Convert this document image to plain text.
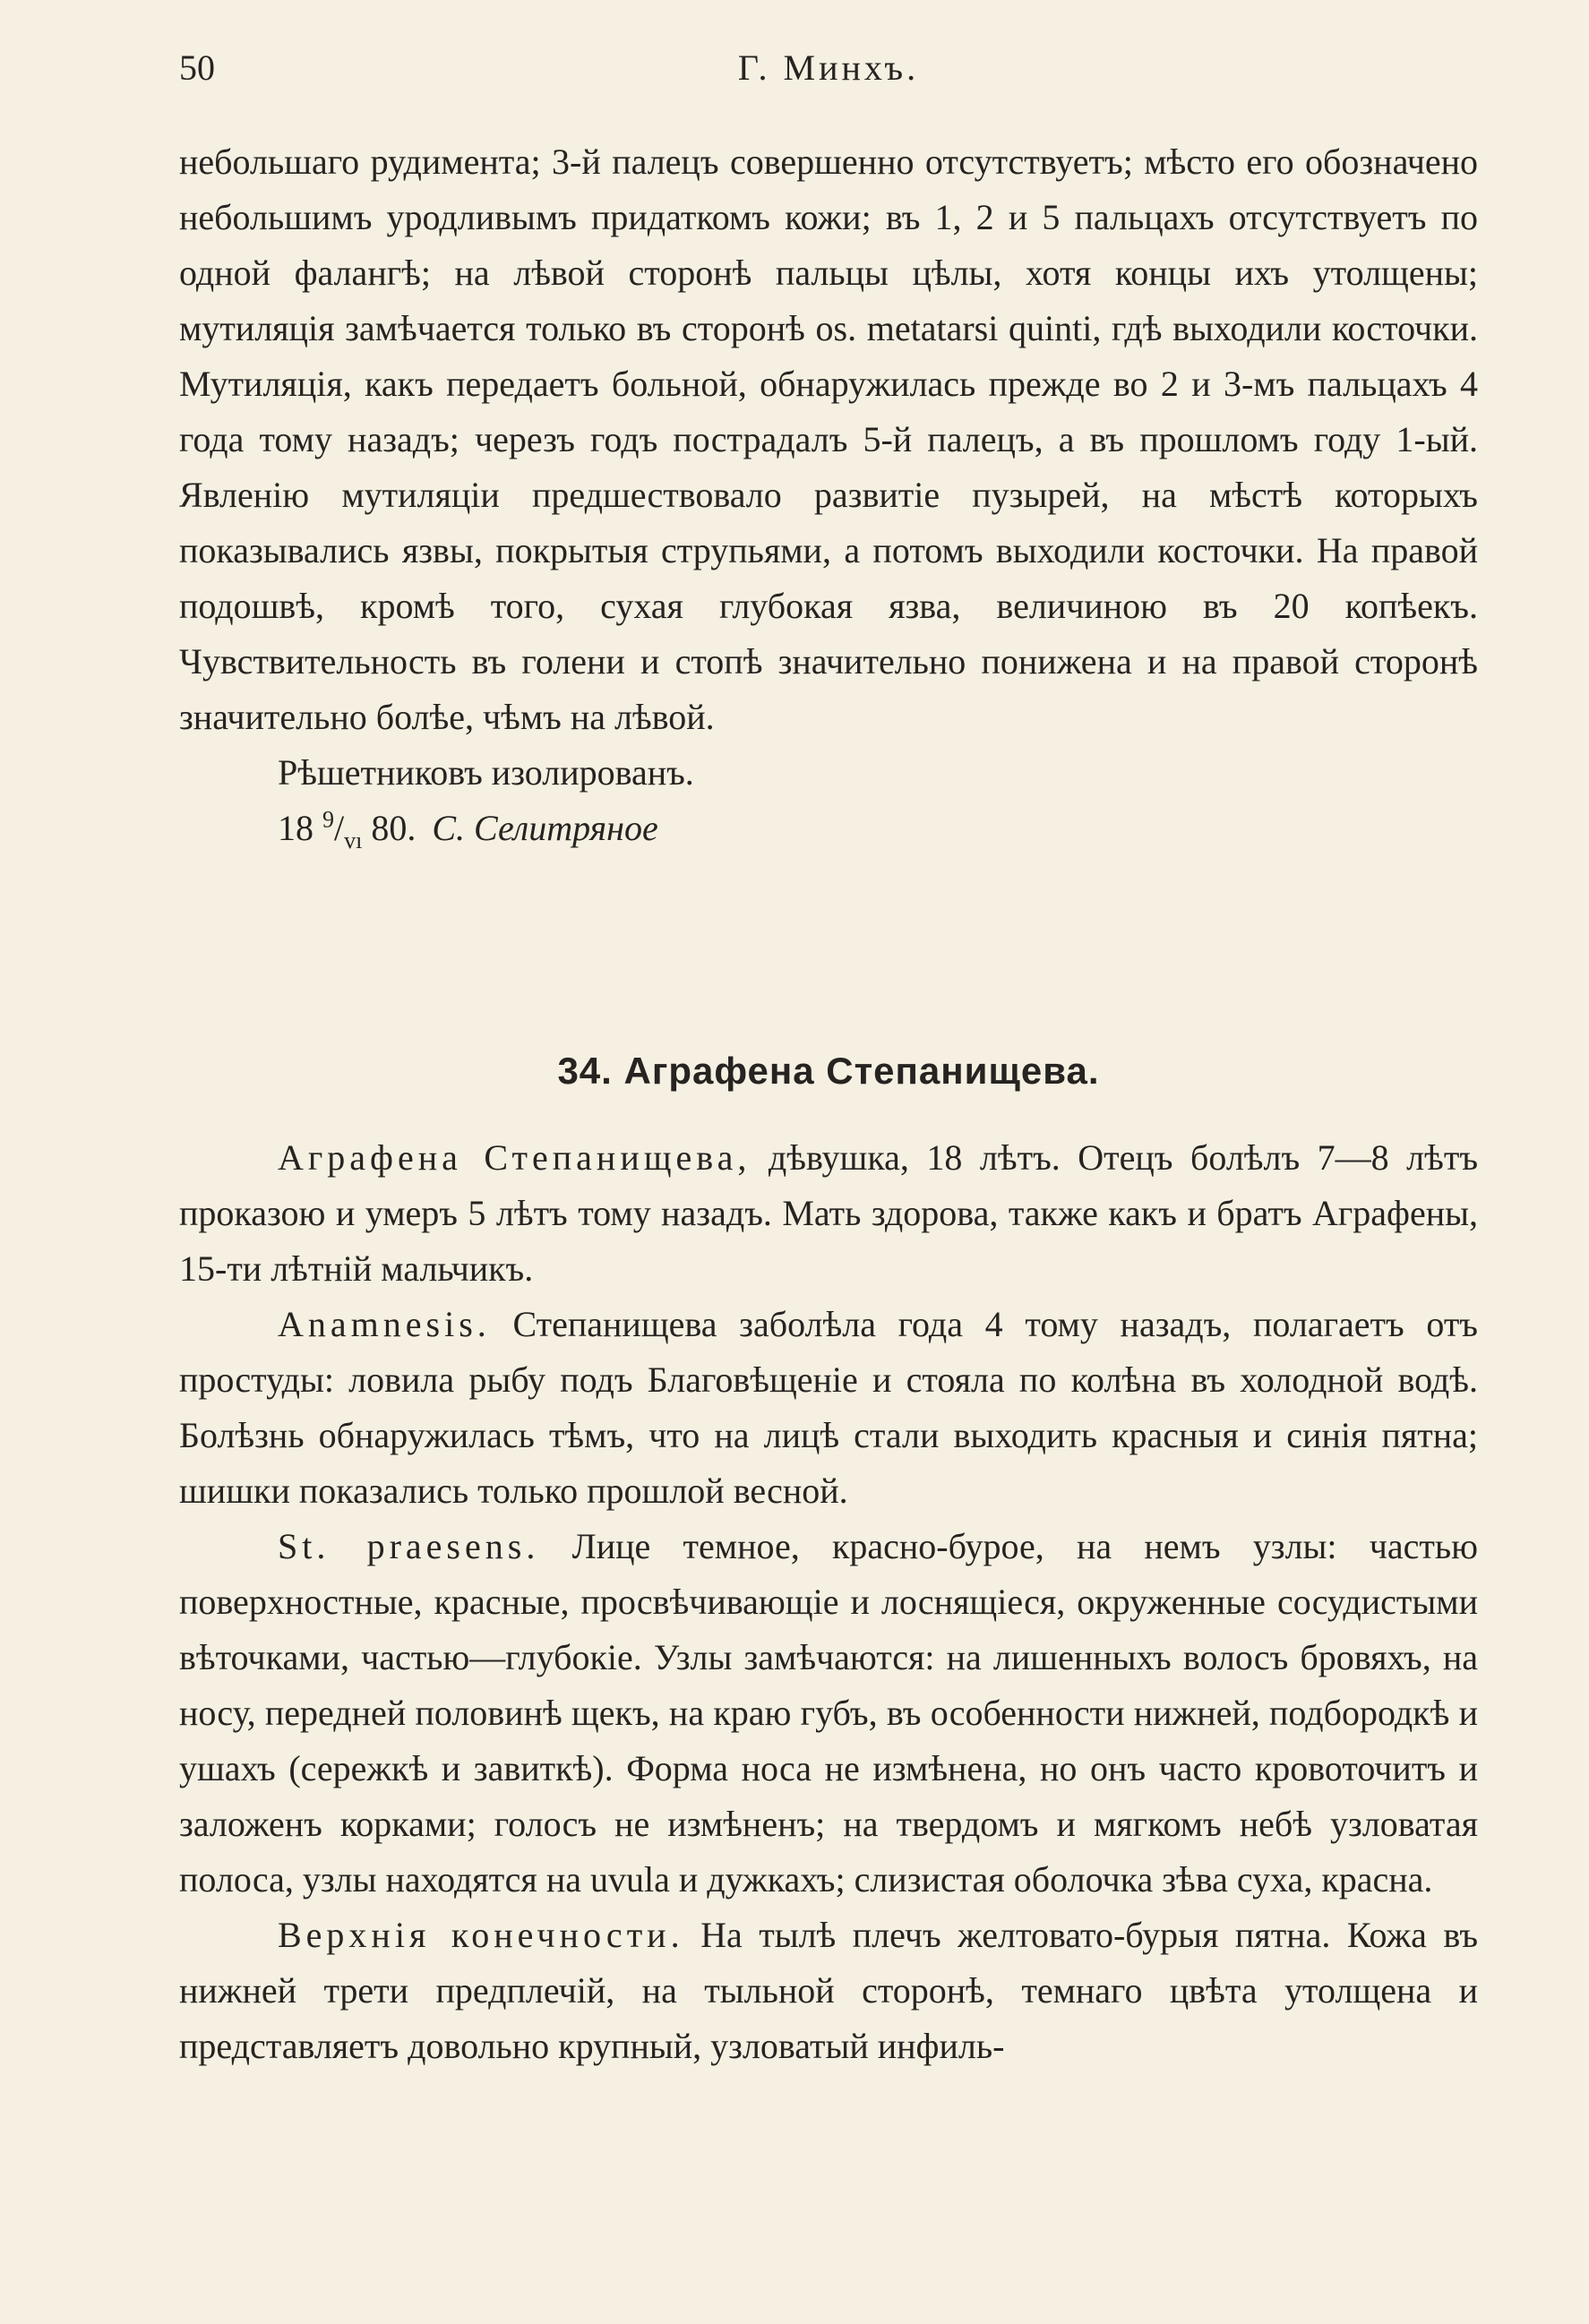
Г. Минхъ.
50

небольшаго рудимента; 3-й палецъ совершенно отсутствуетъ; мѣсто его обозначено небольшимъ уродливымъ придаткомъ кожи; въ 1, 2 и 5 пальцахъ отсутствуетъ по одной фалангѣ; на лѣвой сторонѣ пальцы цѣлы, хотя концы ихъ утолщены; мутиляція замѣчается только въ сторонѣ os. metatarsi quinti, гдѣ выходили косточки. Мутиляція, какъ передаетъ больной, обнаружилась прежде во 2 и 3-мъ пальцахъ 4 года тому назадъ; черезъ годъ пострадалъ 5-й палецъ, а въ прошломъ году 1-ый. Явленію мутиляціи предшествовало развитіе пузырей, на мѣстѣ которыхъ показывались язвы, покрытыя струпьями, а потомъ выходили косточки. На правой подошвѣ, кромѣ того, сухая глубокая язва, величиною въ 20 копѣекъ. Чувствительность въ голени и стопѣ значительно понижена и на правой сторонѣ значительно болѣе, чѣмъ на лѣвой.

Рѣшетниковъ изолированъ.

18 $^9/_{vı}$ 80. С. Селитряное

34. Аграфена Степанищева.

Аграфена Степанищева, дѣвушка, 18 лѣтъ. Отецъ болѣлъ 7—8 лѣтъ проказою и умеръ 5 лѣтъ тому назадъ. Мать здорова, также какъ и братъ Аграфены, 15-ти лѣтній мальчикъ.

Anamnesis. Степанищева заболѣла года 4 тому назадъ, полагаетъ отъ простуды: ловила рыбу подъ Благовѣщеніе и стояла по колѣна въ холодной водѣ. Болѣзнь обнаружилась тѣмъ, что на лицѣ стали выходить красныя и синія пятна; шишки показались только прошлой весной.

St. praesens. Лице темное, красно-бурое, на немъ узлы: частью поверхностные, красные, просвѣчивающіе и лоснящіеся, окруженные сосудистыми вѣточками, частью—глубокіе. Узлы замѣчаются: на лишенныхъ волосъ бровяхъ, на носу, передней половинѣ щекъ, на краю губъ, въ особенности нижней, подбородкѣ и ушахъ (сережкѣ и завиткѣ). Форма носа не измѣнена, но онъ часто кровоточитъ и заложенъ корками; голосъ не измѣненъ; на твердомъ и мягкомъ небѣ узловатая полоса, узлы находятся на uvula и дужкахъ; слизистая оболочка зѣва суха, красна.

Верхнія конечности. На тылѣ плечъ желтовато-бурыя пятна. Кожа въ нижней трети предплечій, на тыльной сторонѣ, темнаго цвѣта утолщена и представляетъ довольно крупный, узловатый инфиль-
